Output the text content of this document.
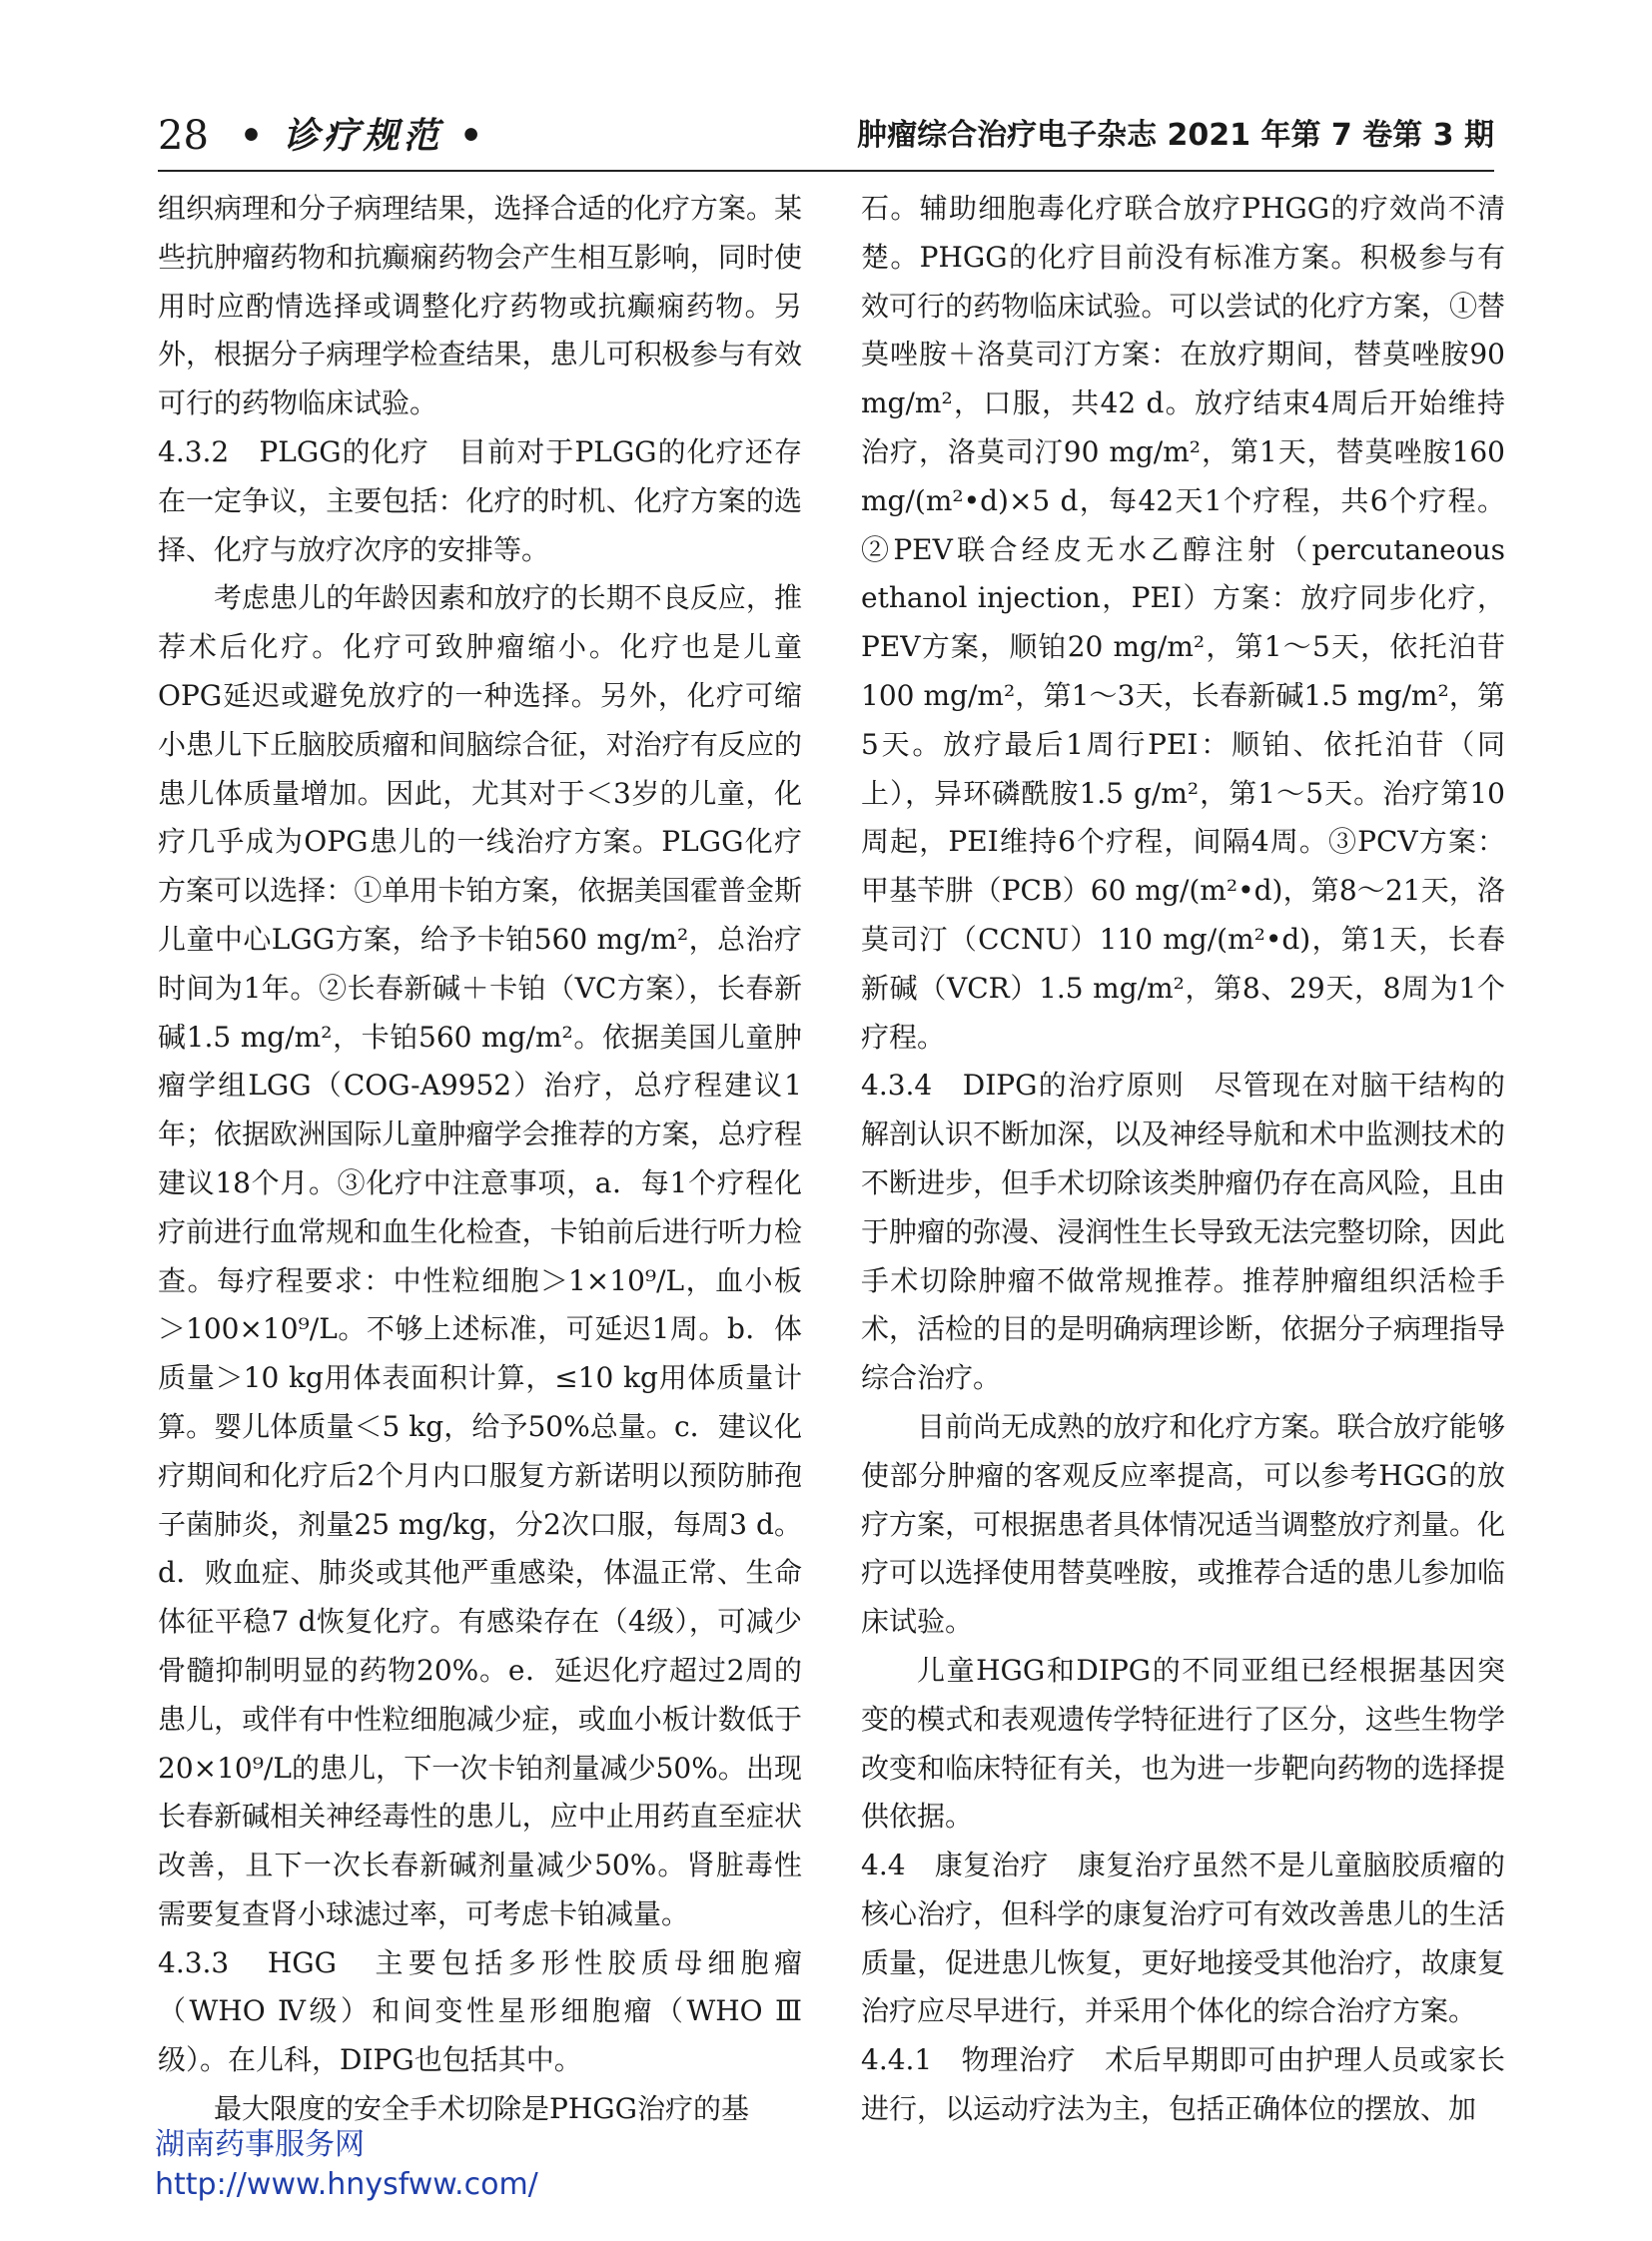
28 • 诊疗规范 •	肿瘤综合治疗电子杂志 2021 年第 7 卷第 3 期

组织病理和分子病理结果，选择合适的化疗方案。某些抗肿瘤药物和抗癫痫药物会产生相互影响，同时使用时应酌情选择或调整化疗药物或抗癫痫药物。另外，根据分子病理学检查结果，患儿可积极参与有效可行的药物临床试验。

4.3.2　PLGG的化疗　 目前对于PLGG的化疗还存在一定争议，主要包括：化疗的时机、化疗方案的选择、化疗与放疗次序的安排等。

考虑患儿的年龄因素和放疗的长期不良反应，推荐术后化疗。化疗可致肿瘤缩小。化疗也是儿童OPG延迟或避免放疗的一种选择。另外，化疗可缩小患儿下丘脑胶质瘤和间脑综合征，对治疗有反应的患儿体质量增加。因此，尤其对于＜3岁的儿童，化疗几乎成为OPG患儿的一线治疗方案。PLGG化疗方案可以选择：①单用卡铂方案，依据美国霍普金斯儿童中心LGG方案，给予卡铂560 mg/m²，总治疗时间为1年。②长春新碱＋卡铂（VC方案），长春新碱1.5 mg/m²，卡铂560 mg/m²。依据美国儿童肿瘤学组LGG（COG-A9952）治疗，总疗程建议1年；依据欧洲国际儿童肿瘤学会推荐的方案，总疗程建议18个月。③化疗中注意事项，a．每1个疗程化疗前进行血常规和血生化检查，卡铂前后进行听力检查。每疗程要求：中性粒细胞＞1×10⁹/L，血小板＞100×10⁹/L。不够上述标准，可延迟1周。b．体质量＞10 kg用体表面积计算，≤10 kg用体质量计算。婴儿体质量＜5 kg，给予50%总量。c．建议化疗期间和化疗后2个月内口服复方新诺明以预防肺孢子菌肺炎，剂量25 mg/kg，分2次口服，每周3 d。d．败血症、肺炎或其他严重感染，体温正常、生命体征平稳7 d恢复化疗。有感染存在（4级），可减少骨髓抑制明显的药物20%。e．延迟化疗超过2周的患儿，或伴有中性粒细胞减少症，或血小板计数低于20×10⁹/L的患儿，下一次卡铂剂量减少50%。出现长春新碱相关神经毒性的患儿，应中止用药直至症状改善，且下一次长春新碱剂量减少50%。肾脏毒性需要复查肾小球滤过率，可考虑卡铂减量。

4.3.3　HGG　 主要包括多形性胶质母细胞瘤（WHO Ⅳ级）和间变性星形细胞瘤（WHO Ⅲ级）。在儿科，DIPG也包括其中。

最大限度的安全手术切除是PHGG治疗的基

石。辅助细胞毒化疗联合放疗PHGG的疗效尚不清楚。PHGG的化疗目前没有标准方案。积极参与有效可行的药物临床试验。可以尝试的化疗方案，①替莫唑胺＋洛莫司汀方案：在放疗期间，替莫唑胺90 mg/m²，口服，共42 d。放疗结束4周后开始维持治疗，洛莫司汀90 mg/m²，第1天，替莫唑胺160 mg/(m²•d)×5 d，每42天1个疗程，共6个疗程。②PEV联合经皮无水乙醇注射（percutaneous ethanol injection，PEI）方案：放疗同步化疗，PEV方案，顺铂20 mg/m²，第1～5天，依托泊苷100 mg/m²，第1～3天，长春新碱1.5 mg/m²，第5天。放疗最后1周行PEI：顺铂、依托泊苷（同上），异环磷酰胺1.5 g/m²，第1～5天。治疗第10周起，PEI维持6个疗程，间隔4周。③PCV方案：甲基苄肼（PCB）60 mg/(m²•d)，第8～21天，洛莫司汀（CCNU）110 mg/(m²•d)，第1天，长春新碱（VCR）1.5 mg/m²，第8、29天，8周为1个疗程。

4.3.4　DIPG的治疗原则　 尽管现在对脑干结构的解剖认识不断加深，以及神经导航和术中监测技术的不断进步，但手术切除该类肿瘤仍存在高风险，且由于肿瘤的弥漫、浸润性生长导致无法完整切除，因此手术切除肿瘤不做常规推荐。推荐肿瘤组织活检手术，活检的目的是明确病理诊断，依据分子病理指导综合治疗。

目前尚无成熟的放疗和化疗方案。联合放疗能够使部分肿瘤的客观反应率提高，可以参考HGG的放疗方案，可根据患者具体情况适当调整放疗剂量。化疗可以选择使用替莫唑胺，或推荐合适的患儿参加临床试验。

儿童HGG和DIPG的不同亚组已经根据基因突变的模式和表观遗传学特征进行了区分，这些生物学改变和临床特征有关，也为进一步靶向药物的选择提供依据。

4.4　康复治疗　 康复治疗虽然不是儿童脑胶质瘤的核心治疗，但科学的康复治疗可有效改善患儿的生活质量，促进患儿恢复，更好地接受其他治疗，故康复治疗应尽早进行，并采用个体化的综合治疗方案。

4.4.1　物理治疗　 术后早期即可由护理人员或家长进行，以运动疗法为主，包括正确体位的摆放、加

湖南药事服务网
http://www.hnysfww.com/
